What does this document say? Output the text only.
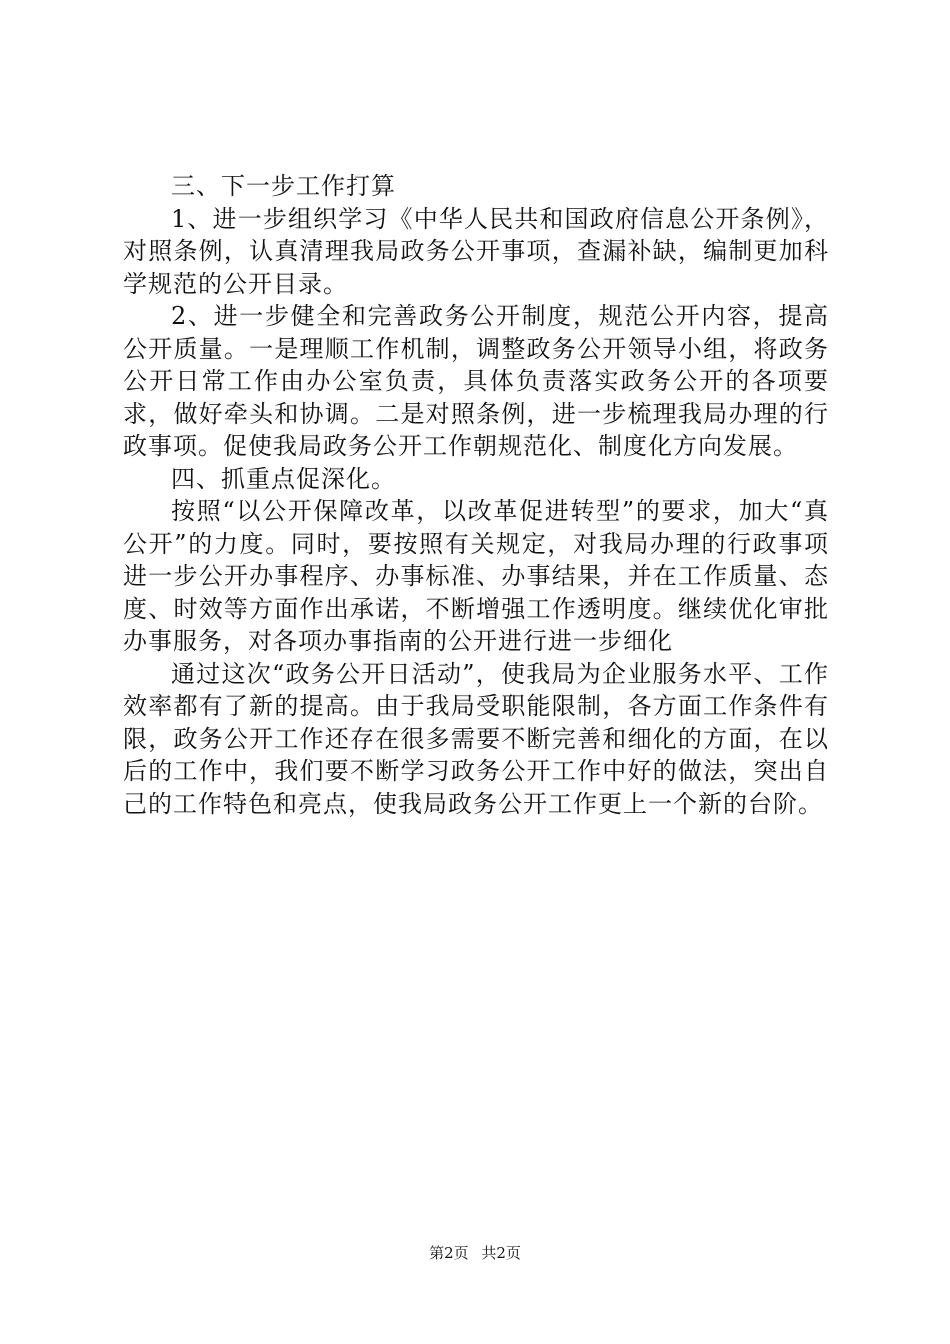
三、下一步工作打算

1、进一步组织学习《中华人民共和国政府信息公开条例》，对照条例，认真清理我局政务公开事项，查漏补缺，编制更加科学规范的公开目录。

2、进一步健全和完善政务公开制度，规范公开内容，提高公开质量。一是理顺工作机制，调整政务公开领导小组，将政务公开日常工作由办公室负责，具体负责落实政务公开的各项要求，做好牵头和协调。二是对照条例，进一步梳理我局办理的行政事项。促使我局政务公开工作朝规范化、制度化方向发展。

四、抓重点促深化。

按照“以公开保障改革，以改革促进转型”的要求，加大“真公开”的力度。同时，要按照有关规定，对我局办理的行政事项进一步公开办事程序、办事标准、办事结果，并在工作质量、态度、时效等方面作出承诺，不断增强工作透明度。继续优化审批办事服务，对各项办事指南的公开进行进一步细化

通过这次“政务公开日活动”，使我局为企业服务水平、工作效率都有了新的提高。由于我局受职能限制，各方面工作条件有限，政务公开工作还存在很多需要不断完善和细化的方面，在以后的工作中，我们要不断学习政务公开工作中好的做法，突出自己的工作特色和亮点，使我局政务公开工作更上一个新的台阶。

第2页 共2页
